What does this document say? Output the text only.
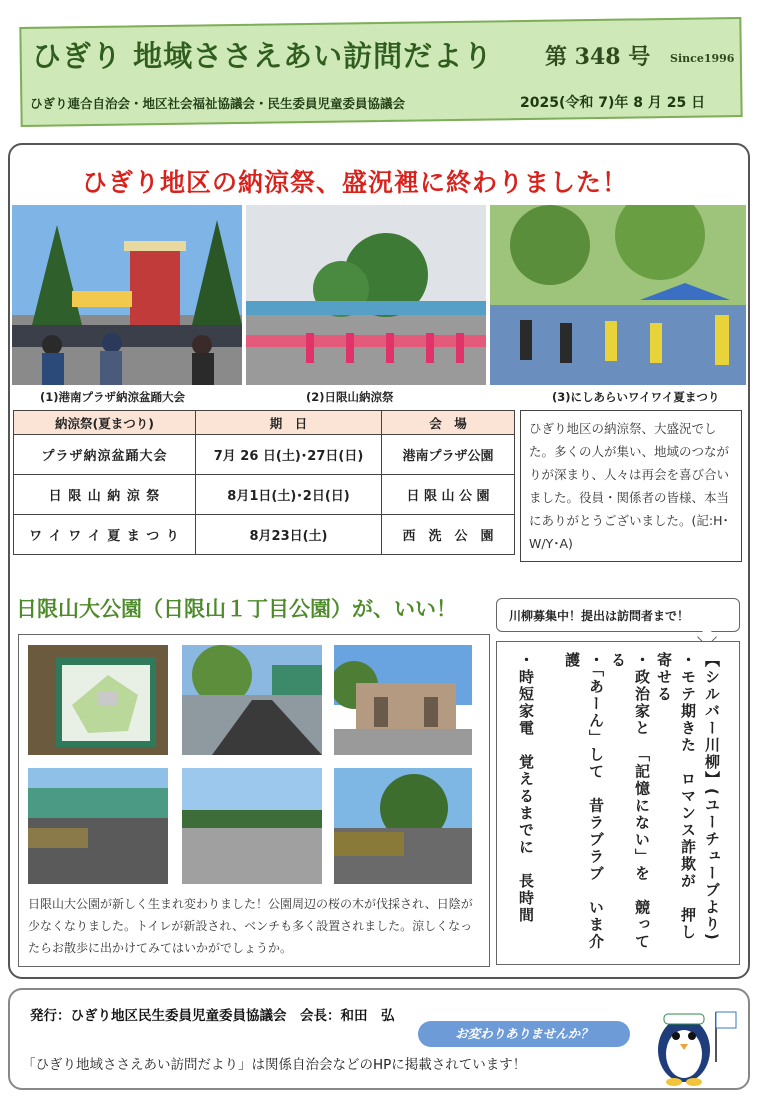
ひぎり 地域ささえあい訪問だより 第 348 号 Since1996
ひぎり連合自治会・地区社会福祉協議会・民生委員児童委員協議会	2025(令和 7)年 8 月 25 日
ひぎり地区の納涼祭、盛況裡に終わりました！
(1)港南プラザ納涼盆踊大会	(2)日限山納涼祭	(3)にしあらいワイワイ夏まつり
納涼祭(夏まつり)	期　日	会　場
プラザ納涼盆踊大会	7月 26 日(土)･27日(日)	港南プラザ公園
日 限 山 納 涼 祭	8月1日(土)･2日(日)	日 限 山 公 園
ワ イ ワ イ 夏 ま つ り	8月23日(土)	西　洗　公　園
ひぎり地区の納涼祭、大盛況でした。多くの人が集い、地域のつながりが深まり、人々は再会を喜び合いました。役員・関係者の皆様、本当にありがとうございました。(記:H･W/Y･A)
日限山大公園（日限山１丁目公園）が、いい！
日限山大公園が新しく生まれ変わりました！公園周辺の桜の木が伐採され、日陰が少なくなりました。トイレが新設され、ベンチも多く設置されました。涼しくなったらお散歩に出かけてみてはいかがでしょうか。
川柳募集中！提出は訪問者まで！
【シルバー川柳】(ユーチューブより)
・モテ期きた　ロマンス詐欺が　押し寄せる
・政治家と　「記憶にない」を　競ってる
・「あーん」して　昔ラブラブ　いま介護
・時短家電　覚えるまでに　長時間
発行：ひぎり地区民生委員児童委員協議会　会長：和田　弘
お変わりありませんか？
「ひぎり地域ささえあい訪問だより」は関係自治会などのHPに掲載されています！
